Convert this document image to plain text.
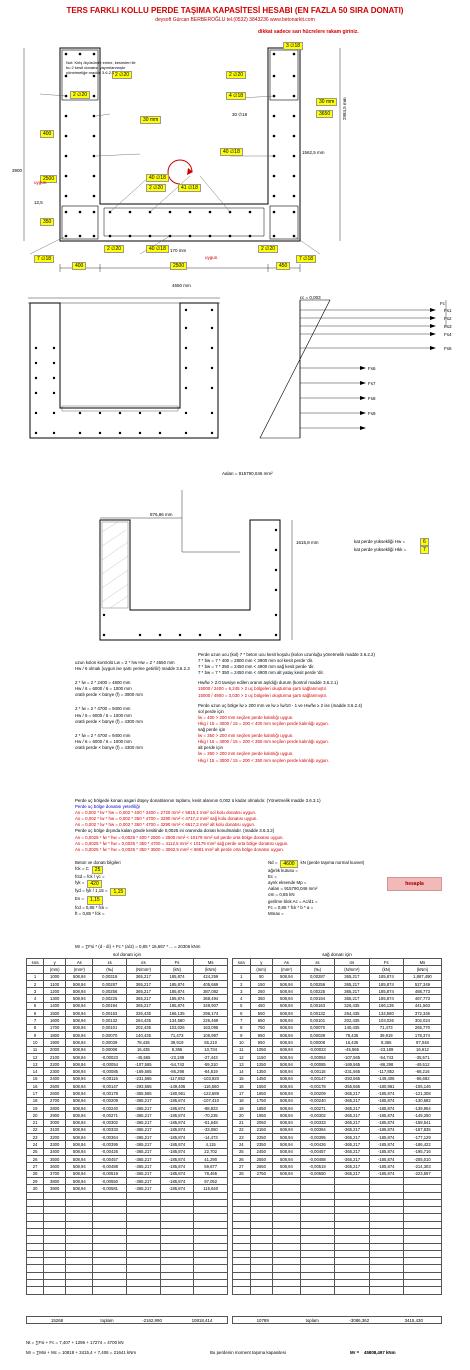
TERS FARKLI KOLLU PERDE TAŞIMA KAPASİTESİ HESABI (EN FAZLA 50 SIRA DONATI)
deysoft Gürcan BERBEROĞLU tel.(0532) 3843236 www.betonarkit.com
dikkat sadece sarı hücrelere rakam giriniz.
3 ∅18
2 ∅20
2 ∅20
2 ∅20	4 ∅18
30 mm
30 mm
400
40 ∅18
40 ∅18
2500
41 ∅18
2 ∅20
3650
350
2 ∅20	40 ∅18	2 ∅20
7 ∅18	7 ∅18
400	2500	450
Not: Kiriş ölçüsünde enine, kesimleri ile
bu 2 kesit donatısı yayımlanmıştır
yönetmeliğe madde 3.6.2.1
30 ∅18	2984,5 mm
1562,5 mm
3900
uygun.
uygun.
170 mm
12,5
4550 mm
εc = 0,003
Fc
Fs1
Fs2
Fs3
Fs4
Fs5
Fs6
Fs7
Fs8
Fs9
Aalan = 915790,046 mm²
876,86 mm
1615,8 mm	kat perde yüksekliği Hw =	6
kat perde yüksekliği Hkk =	7
uzun kolon kontrolü Lw = 2 * hw Hw = 2 * 4550 mm
Hw / 6 olmalı (uygun ise şartı yerine getirilir) madde 3.6.2.3
2 * lw = 2 * 2400 = 4800 mm
Hw / 6 = 6000 / 6 = 1000 mm
oratlı perde × bünye (f) = 3900 mm
2 * lw = 2 * 4700 = 9400 mm
Hw / 6 = 6000 / 6 = 1000 mm
oratlı perde × bünye (f) = 4300 mm
2 * lw = 2 * 4700 = 9400 mm
Hw / 6 = 6000 / 6 = 1000 mm
oratlı perde × bünye (f) = 4300 mm
Perde uzun ucu (kol) 7 * beton ucu kesit koşulu (kolon uzunluğu yönetmelik madde 3.6.2.2)
7 * bw = 7 * 400 = 2800 mm < 3900 mm sol kesit perde 'dir.
7 * bw = 7 * 350 = 2450 mm < 4900 mm sağ kesit perde 'dir.
7 * bw = 7 * 350 = 2450 mm < 4900 mm alt yatay kesit perde 'dir.
Hw/lw > 2.0 tavsiye edilen oranın aşıldığı durum (kontrol madde 3.6.2.1)
15000 / 2400 = 6,245 > 2 uç bölgeleri oluşturma şartı sağlanmıştır.
15000 / 4900 = 3,030 > 2 uç bölgeleri oluşturma şartı sağlanmıştır.
Perde uzun uç bölge lw ≥ 200 mm ve lw ≥ lw/10 - 1 ve Hw/lw ≥ 2 ise (madde 3.6.2.4)
sol perde için
lw = 400 > 200 mm seçilen perde kalınlığı uygun.
Hkg / 15 = 3000 / 15 = 200 < 400 mm seçilen perde kalınlığı uygun.
sağ perde için
lw = 350 > 200 mm seçilen perde kalınlığı uygun.
Hkg / 15 = 3000 / 15 = 200 < 350 mm seçilen perde kalınlığı uygun.
alt perde için
lw = 350 > 200 mm seçilen perde kalınlığı uygun.
Hkg / 15 = 3000 / 15 = 200 < 350 mm seçilen perde kalınlığı uygun.
Perde uç bölgede konan asgari düşey donatılarının toplamı, kesit alanının 0,002 ü kadar olmalıdır. (Yönetmelik madde 3.6.3.1)
Perde uç bölge donatısı yeterliliği
As = 0,002 * lw * hw = 0,002 * 400 * 3400 = 2720 mm² < 5815,1 mm² sol kolu donatısı uygun.
As = 0,002 * lw * hw = 0,002 * 350 * 4700 = 3290 mm² < 4717,2 mm² sağ kolu donatısı uygun.
As = 0,002 * lw * hw = 0,002 * 350 * 4700 = 3290 mm² < 6617,2 mm² alt kolu donatısı uygun.
Perde uç bölge dışında kalan gövde kesitinde 0,0025 ini oranında donatı konulmalıdır. (madde 3.6.3.2)
As = 0,0025 * lw * hw = 0,0025 * 400 * 2500 = 2500 mm² < 10179 mm² sol perde orta bölge donatısı uygun.
As = 0,0025 * lw * hw = 0,0025 * 350 * 4700 = 4112,5 mm² < 10179 mm² sağ perde orta bölge donatısı uygun.
As = 0,0025 * lw * hw = 0,0025 * 350 * 3500 = 3062,5 mm² < 6881 mm² alt perde orta bölge donatısı uygun.
Beton ve donatı bilgileri
fck = C	25
fctd = fck / γc =
fyk =	420
fyd = fyk / 1,15 =	1,15
Es =	1,15
fcd = 0,85 * fck =
ft = 0,85 * fck =
Nd =	4600	kN (perde taşıma normal kuvvet)
ağırlık kutusu =
Ec =
ayrık eksende Mp =
Aalan = 915790,046 mm²
σm = 0,85 kN
gerilme blok Ac = Ac/d1 =
Fc = 0,85 * fck * b * a =
Mmax =
hesapla
Mr = ∑Fsi * (d - di) + Fc * (a/2) = 0,85 * 16,667 * ... = 20306 kNm
sol donatı için	sağ donatı için
sıra	y	As	εs	σs	Fs	Ms
	(mm)	(mm²)	(‰)	(N/mm²)	(kN)	(kNm)
1	1000	508,94	0,00318	365,217	185,874	424,259
2	1100	508,94	0,00287	365,217	185,874	405,669
3	1200	508,94	0,00256	365,217	185,874	387,082
4	1300	508,94	0,00225	365,217	185,874	368,494
5	1400	508,94	0,00194	365,217	185,874	349,907
6	1500	508,94	0,00163	326,435	166,135	296,174
7	1600	508,94	0,00132	264,435	134,580	226,469
8	1700	508,94	0,00101	202,435	103,026	163,095
9	1800	508,94	0,00070	140,435	71,473	105,997
10	1900	508,94	0,00039	78,435	39,919	55,210
11	2000	508,94	0,00008	16,435	8,365	10,734
12	2100	508,94	-0,00023	-45,565	-23,189	-27,443
13	2200	508,94	-0,00054	-107,565	-54,743	-59,310
14	2300	508,94	-0,00085	-169,565	-86,298	-84,819
15	2400	508,94	-0,00116	-231,565	-117,852	-103,920
16	2500	508,94	-0,00147	-293,565	-149,406	-116,560
17	2600	508,94	-0,00178	-355,565	-180,961	-122,689
18	2700	508,94	-0,00209	-365,217	-185,874	-107,410
19	2800	508,94	-0,00240	-365,217	-185,874	-88,823
20	2900	508,94	-0,00271	-365,217	-185,874	-70,235
21	3000	508,94	-0,00302	-365,217	-185,874	-51,648
22	3100	508,94	-0,00333	-365,217	-185,874	-33,060
23	3200	508,94	-0,00364	-365,217	-185,874	-14,473
24	3300	508,94	-0,00395	-365,217	-185,874	4,115
25	3400	508,94	-0,00426	-365,217	-185,874	22,702
26	3500	508,94	-0,00457	-365,217	-185,874	41,290
27	3600	508,94	-0,00488	-365,217	-185,874	59,877
28	3700	508,94	-0,00519	-365,217	-185,874	78,465
29	3800	508,94	-0,00550	-365,217	-185,874	97,052
30	3900	508,94	-0,00581	-365,217	-185,874	115,640

sıra	y	As	εs	σs	Fs	Ms
	(mm)	(mm²)	(‰)	(N/mm²)	(kN)	(kNm)
1	50	508,94	0,00287	365,217	185,874	1,867,490
2	150	508,94	0,00256	365,217	185,874	527,349
3	250	508,94	0,00225	365,217	185,874	488,773
4	350	508,94	0,00194	365,217	185,874	467,773
5	450	508,94	0,00163	326,435	166,135	441,563
6	550	508,94	0,00132	264,435	134,580	372,346
7	650	508,94	0,00101	202,435	103,026	302,024
8	750	508,94	0,00070	140,435	71,473	265,770
9	850	508,94	0,00039	78,435	39,919	178,374
10	950	508,94	0,00008	16,435	8,365	97,048
11	1050	508,94	-0,00023	-45,565	-23,189	16,612
12	1150	508,94	-0,00054	-107,565	-54,743	-35,571
13	1250	508,94	-0,00085	-169,565	-86,298	-49,512
14	1350	508,94	-0,00116	-231,565	-117,852	-68,216
15	1450	508,94	-0,00147	-293,565	-149,406	-86,682
16	1550	508,94	-0,00178	-355,565	-180,961	-105,146
17	1650	508,94	-0,00209	-365,217	-185,874	-121,308
18	1750	508,94	-0,00240	-365,217	-185,874	-130,682
19	1850	508,94	-0,00271	-365,217	-185,874	-139,954
20	1950	508,94	-0,00302	-365,217	-185,874	-149,250
21	2050	508,94	-0,00333	-365,217	-185,874	-158,541
22	2150	508,94	-0,00364	-365,217	-185,874	-167,835
23	2250	508,94	-0,00395	-365,217	-185,874	-177,129
24	2350	508,94	-0,00426	-365,217	-185,874	-186,422
25	2450	508,94	-0,00457	-365,217	-185,874	-195,716
26	2550	508,94	-0,00488	-365,217	-185,874	-205,010
27	2650	508,94	-0,00519	-365,217	-185,874	-214,303
28	2750	508,94	-0,00550	-365,217	-185,874	-223,597

15268	toplam	-2162,990	10818,414	10789	toplam	-3086,362	3415,430
Nt = ∑Fsi + Fc = 7,407 + 1296 + 17274 = 4700 kN
Mr = ∑Msi + Mc = 10818 + 3415,4 + 7,406 = 21641 kNm	Bu perdenin moment taşıma kapasitesi	Mr = 45808,497 kNm
